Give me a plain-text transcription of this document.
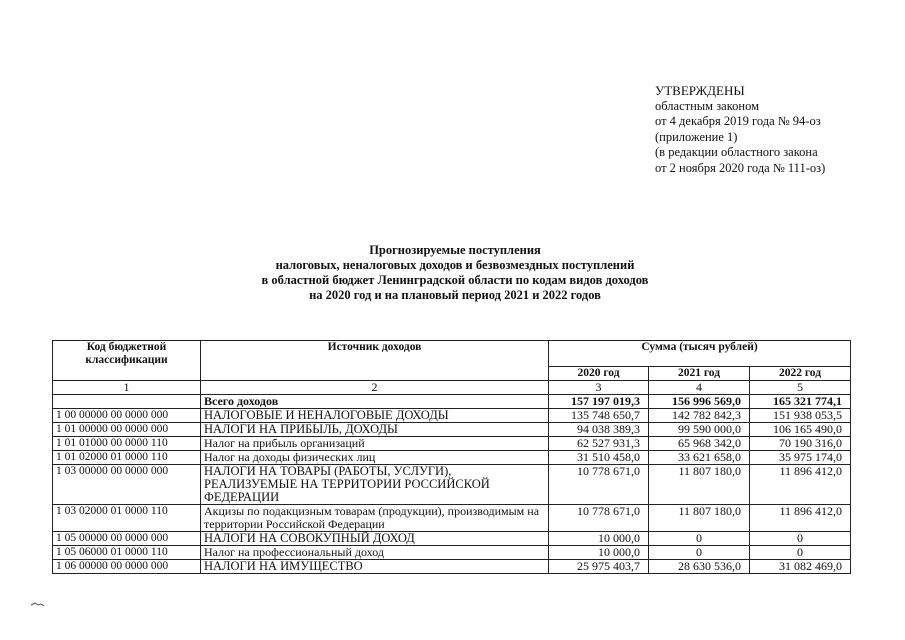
УТВЕРЖДЕНЫ
областным законом
от 4 декабря 2019 года № 94-оз
(приложение 1)
(в редакции областного закона
от 2 ноября 2020 года № 111-оз)
Прогнозируемые поступления
налоговых, неналоговых доходов и безвозмездных поступлений
в областной бюджет Ленинградской области по кодам видов доходов
на 2020 год и на плановый период 2021 и 2022 годов
Код бюджетной классификации	Источник доходов	Сумма (тысяч рублей)		
		2020 год	2021 год	2022 год
1	2	3	4	5
	Всего доходов	157 197 019,3	156 996 569,0	165 321 774,1
1 00 00000 00 0000 000	НАЛОГОВЫЕ И НЕНАЛОГОВЫЕ ДОХОДЫ	135 748 650,7	142 782 842,3	151 938 053,5
1 01 00000 00 0000 000	НАЛОГИ НА ПРИБЫЛЬ, ДОХОДЫ	94 038 389,3	99 590 000,0	106 165 490,0
1 01 01000 00 0000 110	Налог на прибыль организаций	62 527 931,3	65 968 342,0	70 190 316,0
1 01 02000 01 0000 110	Налог на доходы физических лиц	31 510 458,0	33 621 658,0	35 975 174,0
1 03 00000 00 0000 000	НАЛОГИ НА ТОВАРЫ (РАБОТЫ, УСЛУГИ), РЕАЛИЗУЕМЫЕ НА ТЕРРИТОРИИ РОССИЙСКОЙ ФЕДЕРАЦИИ	10 778 671,0	11 807 180,0	11 896 412,0
1 03 02000 01 0000 110	Акцизы по подакцизным товарам (продукции), производимым на территории Российской Федерации	10 778 671,0	11 807 180,0	11 896 412,0
1 05 00000 00 0000 000	НАЛОГИ НА СОВОКУПНЫЙ ДОХОД	10 000,0	0	0
1 05 06000 01 0000 110	Налог на профессиональный доход	10 000,0	0	0
1 06 00000 00 0000 000	НАЛОГИ НА ИМУЩЕСТВО	25 975 403,7	28 630 536,0	31 082 469,0
